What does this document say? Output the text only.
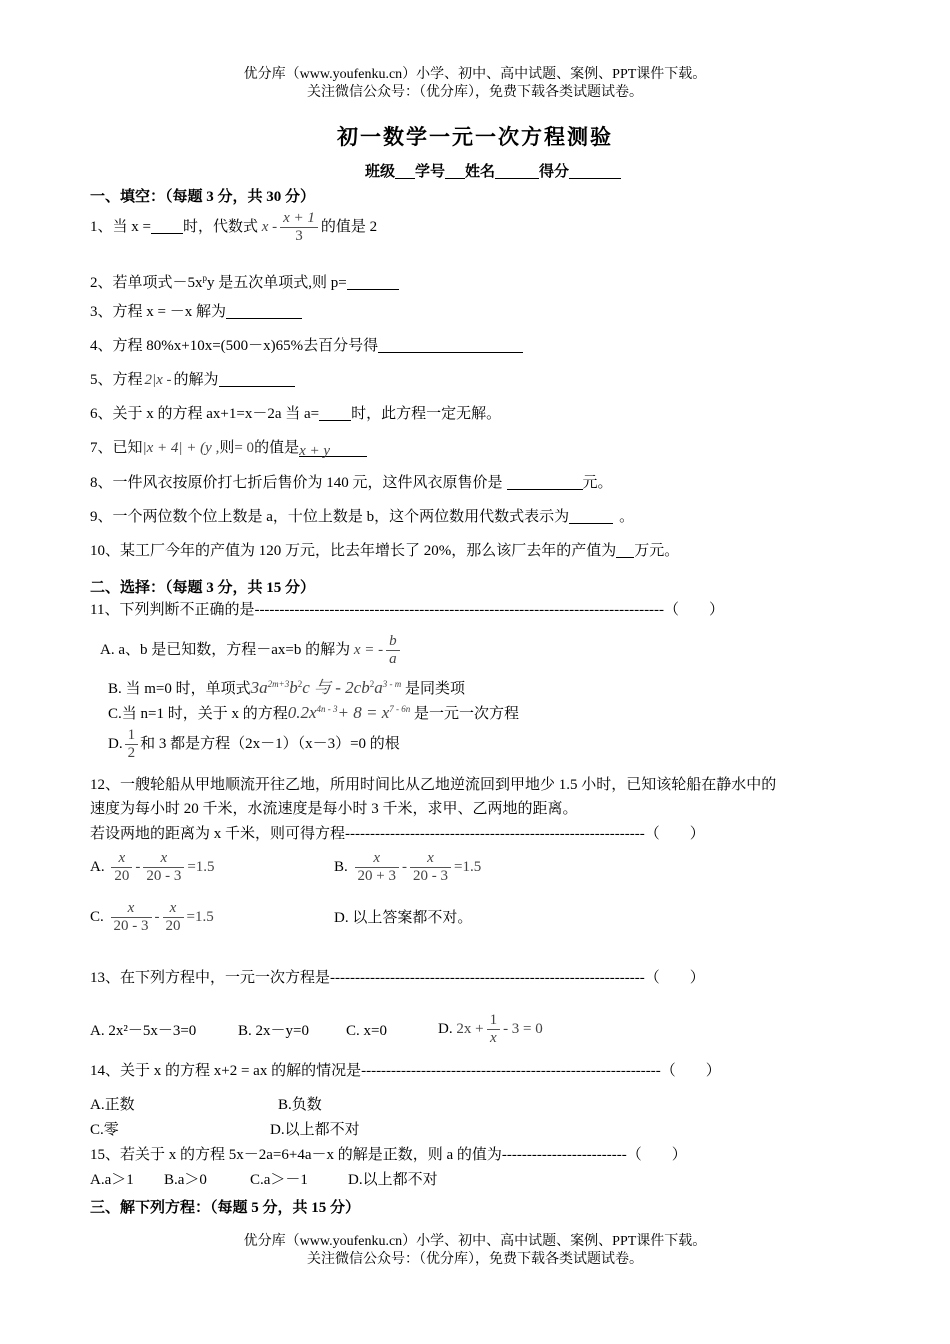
优分库（www.youfenku.cn）小学、初中、高中试题、案例、PPT课件下载。
关注微信公众号：（优分库），免费下载各类试题试卷。
初一数学一元一次方程测验
班级 学号 姓名	得分
一、填空：（每题 3 分，共 30 分）
1、当 x = 时，代数式 x - $\frac{x + 1}{3}$ 的值是 2
2、若单项式$-5x^py$ 是五次单项式,则 p=
3、方程 x = －x 解为
4、方程 80%x+10x=(500－x)65%去百分号得
5、方程 2|x - 的解为
6、关于 x 的方程 ax+1=x－2a 当 a= 时，此方程一定无解。
7、已知|x + 4| + (y ,则= 0的值是x + y
8、一件风衣按原价打七折后售价为 140 元，这件风衣原售价是	元。
9、一个两位数个位上数是 a，十位上数是 b，这个两位数用代数式表示为	。
10、某工厂今年的产值为 120 万元，比去年增长了 20%，那么该厂去年的产值为 万元。
二、选择：（每题 3 分，共 15 分）
11、下列判断不正确的是----------------------------------------------------------------------------------（　　）
A. a、b 是已知数，方程－ax=b 的解为 x = - $\frac{b}{a}$
B. 当 m=0 时，单项式$3a^{2m+3}b^2c$ 与 - $2cb^2a^{3 - m}$ 是同类项
C.当 n=1 时，关于 x 的方程$0.2x^{4n - 3}+ 8 = x^{7 - 6n}$ 是一元一次方程
D. $\frac{1}{2}$ 和 3 都是方程（2x－1）（x－3）=0 的根
12、一艘轮船从甲地顺流开往乙地，所用时间比从乙地逆流回到甲地少 1.5 小时，已知该轮船在静水中的
速度为每小时 20 千米，水流速度是每小时 3 千米，求甲、乙两地的距离。
若设两地的距离为 x 千米，则可得方程------------------------------------------------------------（　　）
A. $\frac{x}{20} - \frac{x}{20 - 3} =1.5$	B. $\frac{x}{20 + 3} - \frac{x}{20 - 3} =1.5$
C. $\frac{x}{20 - 3} - \frac{x}{20} =1.5$	D. 以上答案都不对。
13、在下列方程中，一元一次方程是---------------------------------------------------------------（　　）
A. 2x²－5x－3=0	B. 2x－y=0 C. x=0	D. $2x + \frac{1}{x} - 3 = 0$
14、关于 x 的方程 x+2 = ax 的解的情况是------------------------------------------------------------（　　）
A.正数	B.负数
C.零	D.以上都不对
15、若关于 x 的方程 5x－2a=6+4a－x 的解是正数，则 a 的值为-------------------------（　　）
A.a＞1 B.a＞0	C.a＞－1	D.以上都不对
三、解下列方程：（每题 5 分，共 15 分）
优分库（www.youfenku.cn）小学、初中、高中试题、案例、PPT课件下载。
关注微信公众号：（优分库），免费下载各类试题试卷。
